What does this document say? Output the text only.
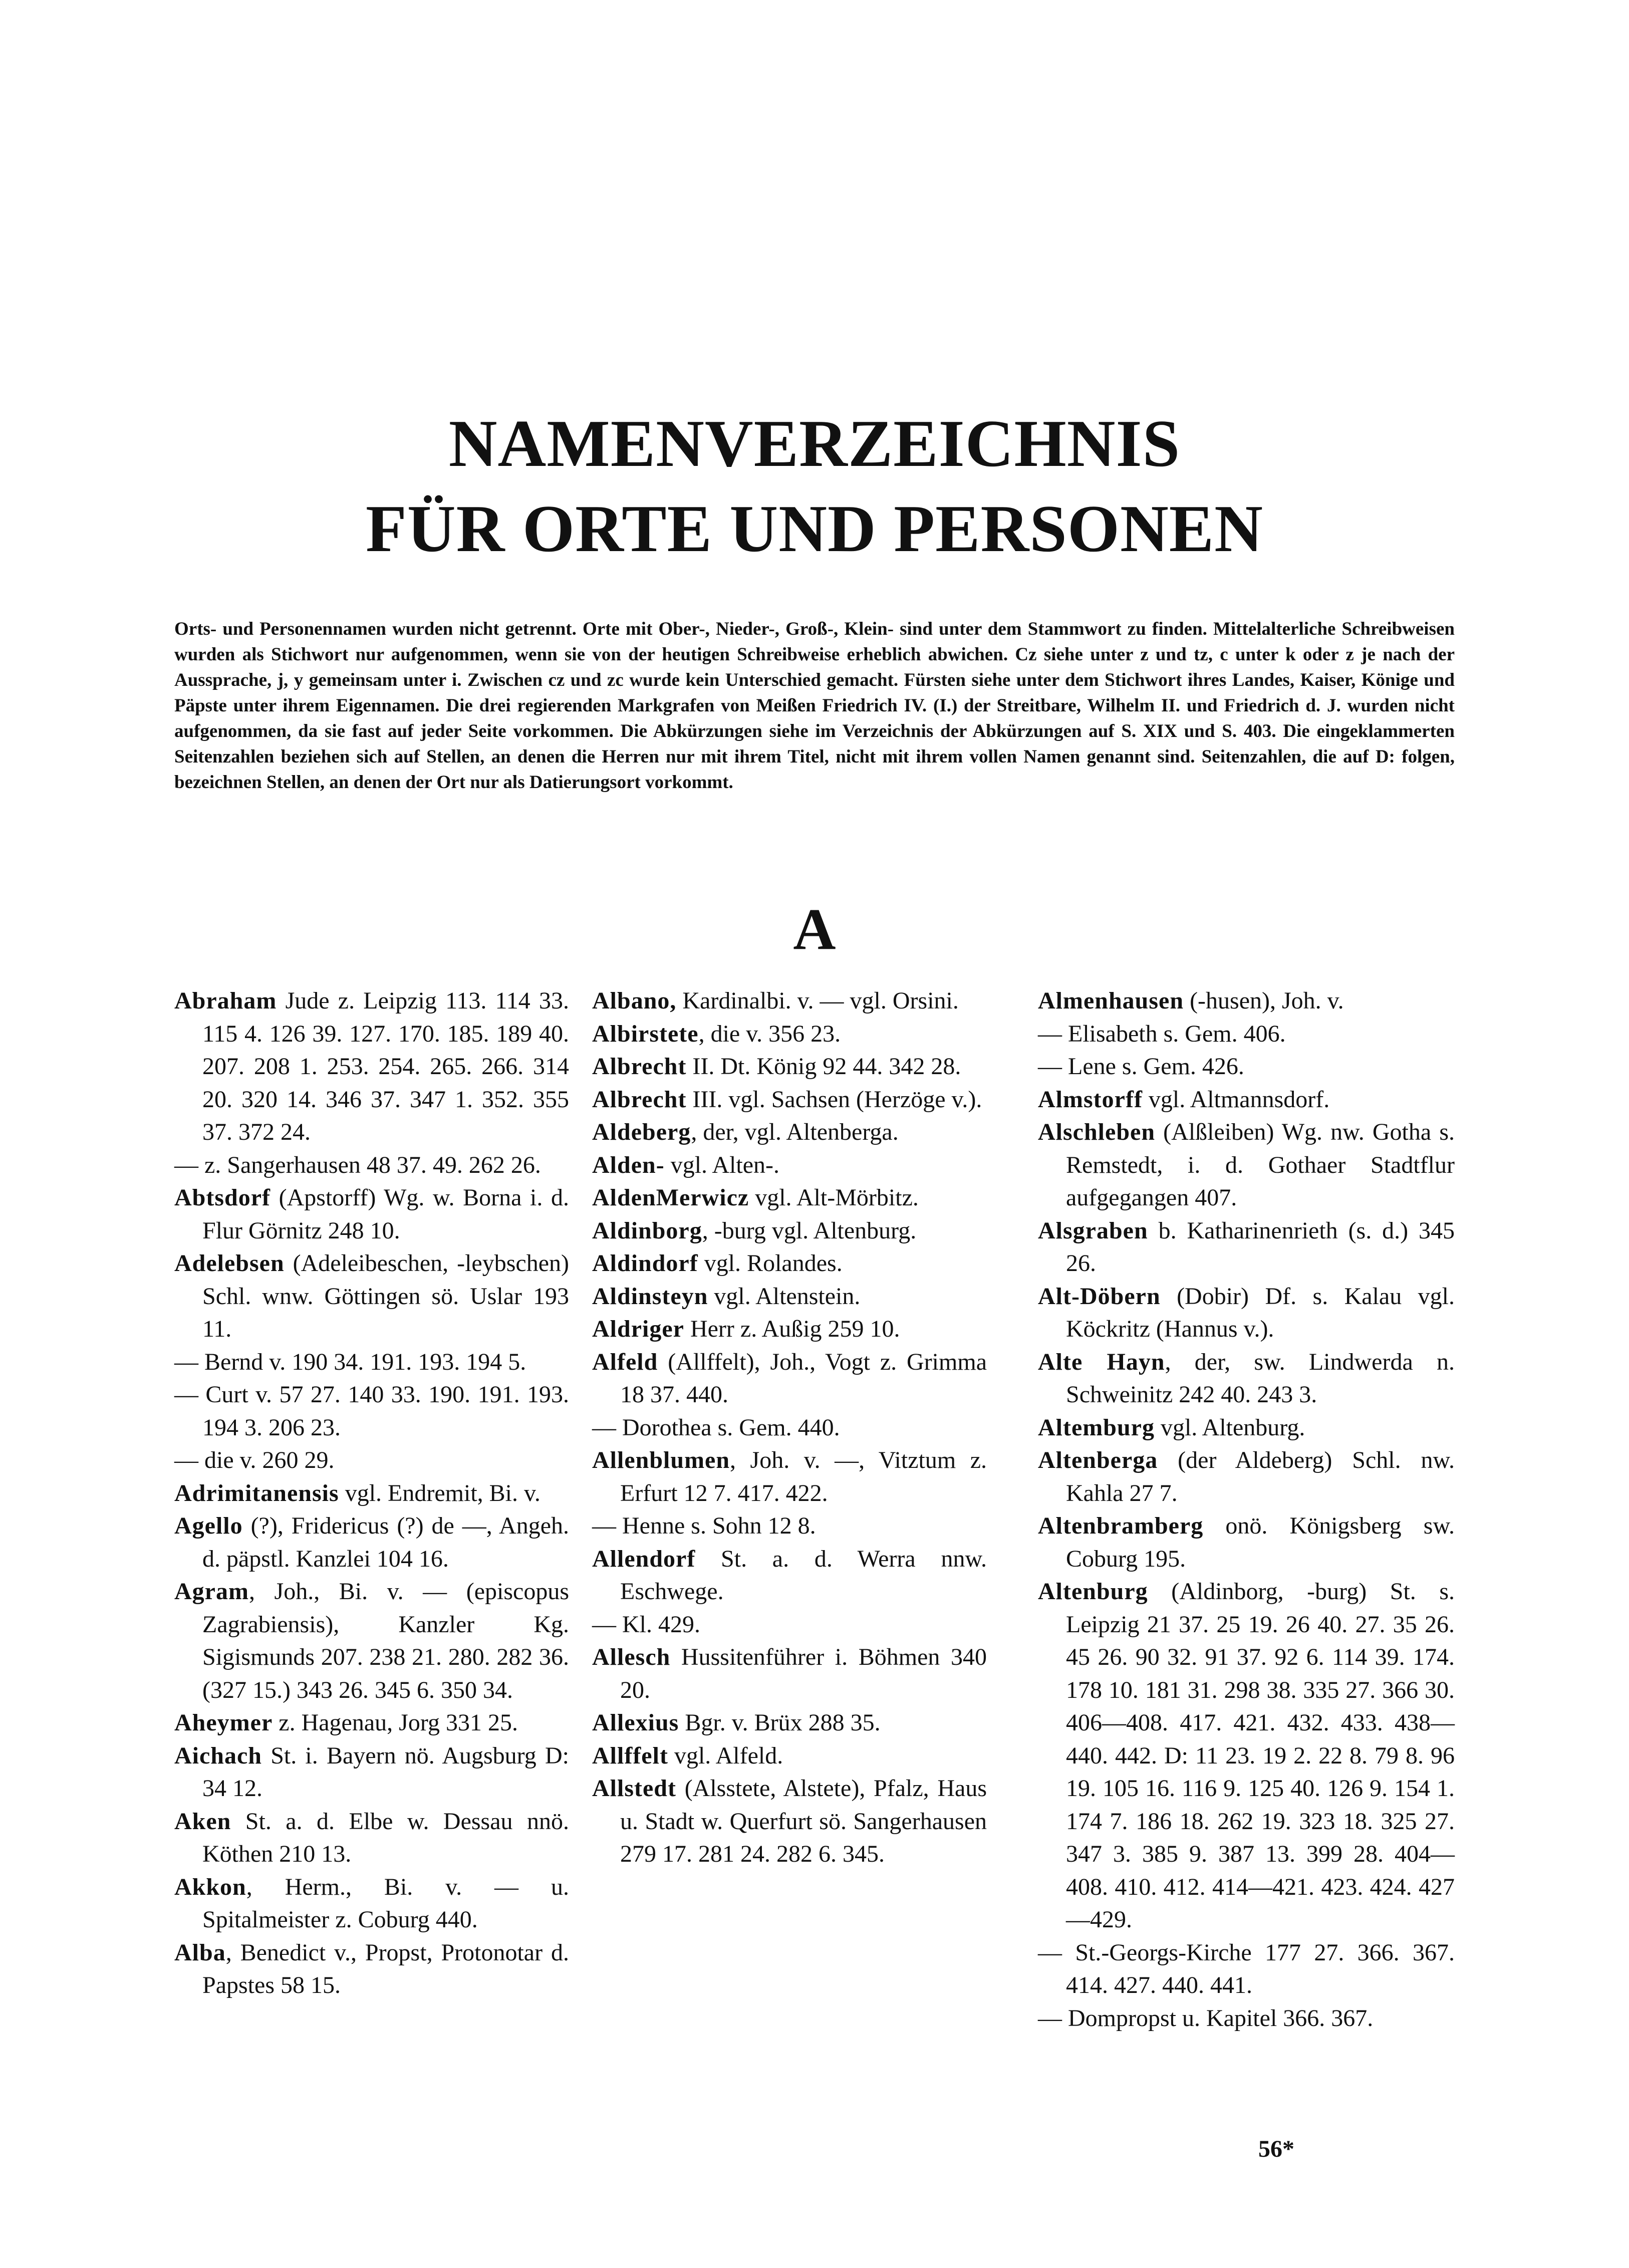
NAMENVERZEICHNIS
FÜR ORTE UND PERSONEN

Orts- und Personennamen wurden nicht getrennt. Orte mit Ober-, Nieder-, Groß-, Klein- sind unter dem Stammwort zu finden. Mittelalterliche Schreibweisen wurden als Stichwort nur aufgenommen, wenn sie von der heutigen Schreibweise erheblich abwichen. Cz siehe unter z und tz, c unter k oder z je nach der Aussprache, j, y gemeinsam unter i. Zwischen cz und zc wurde kein Unterschied gemacht. Fürsten siehe unter dem Stichwort ihres Landes, Kaiser, Könige und Päpste unter ihrem Eigennamen. Die drei regierenden Markgrafen von Meißen Friedrich IV. (I.) der Streitbare, Wilhelm II. und Friedrich d. J. wurden nicht aufgenommen, da sie fast auf jeder Seite vorkommen. Die Abkürzungen siehe im Verzeichnis der Abkürzungen auf S. XIX und S. 403. Die eingeklammerten Seitenzahlen beziehen sich auf Stellen, an denen die Herren nur mit ihrem Titel, nicht mit ihrem vollen Namen genannt sind. Seitenzahlen, die auf D: folgen, bezeichnen Stellen, an denen der Ort nur als Datierungsort vorkommt.

A

Abraham Jude z. Leipzig 113. 114 33. 115 4. 126 39. 127. 170. 185. 189 40. 207. 208 1. 253. 254. 265. 266. 314 20. 320 14. 346 37. 347 1. 352. 355 37. 372 24.

— z. Sangerhausen 48 37. 49. 262 26.

Abtsdorf (Apstorff) Wg. w. Borna i. d. Flur Görnitz 248 10.

Adelebsen (Adeleibeschen, -leybschen) Schl. wnw. Göttingen sö. Uslar 193 11.

— Bernd v. 190 34. 191. 193. 194 5.

— Curt v. 57 27. 140 33. 190. 191. 193. 194 3. 206 23.

— die v. 260 29.

Adrimitanensis vgl. Endremit, Bi. v.

Agello (?), Fridericus (?) de —, Angeh. d. päpstl. Kanzlei 104 16.

Agram, Joh., Bi. v. — (episcopus Zagrabiensis), Kanzler Kg. Sigismunds 207. 238 21. 280. 282 36. (327 15.) 343 26. 345 6. 350 34.

Aheymer z. Hagenau, Jorg 331 25.

Aichach St. i. Bayern nö. Augsburg D: 34 12.

Aken St. a. d. Elbe w. Dessau nnö. Köthen 210 13.

Akkon, Herm., Bi. v. — u. Spitalmeister z. Coburg 440.

Alba, Benedict v., Propst, Protonotar d. Papstes 58 15.

Albano, Kardinalbi. v. — vgl. Orsini.

Albirstete, die v. 356 23.

Albrecht II. Dt. König 92 44. 342 28.

Albrecht III. vgl. Sachsen (Herzöge v.).

Aldeberg, der, vgl. Altenberga.

Alden- vgl. Alten-.

AldenMerwicz vgl. Alt-Mörbitz.

Aldinborg, -burg vgl. Altenburg.

Aldindorf vgl. Rolandes.

Aldinsteyn vgl. Altenstein.

Aldriger Herr z. Außig 259 10.

Alfeld (Allffelt), Joh., Vogt z. Grimma 18 37. 440.

— Dorothea s. Gem. 440.

Allenblumen, Joh. v. —, Vitztum z. Erfurt 12 7. 417. 422.

— Henne s. Sohn 12 8.

Allendorf St. a. d. Werra nnw. Eschwege.

— Kl. 429.

Allesch Hussitenführer i. Böhmen 340 20.

Allexius Bgr. v. Brüx 288 35.

Allffelt vgl. Alfeld.

Allstedt (Alsstete, Alstete), Pfalz, Haus u. Stadt w. Querfurt sö. Sangerhausen 279 17. 281 24. 282 6. 345.

Almenhausen (-husen), Joh. v.

— Elisabeth s. Gem. 406.

— Lene s. Gem. 426.

Almstorff vgl. Altmannsdorf.

Alschleben (Alßleiben) Wg. nw. Gotha s. Remstedt, i. d. Gothaer Stadtflur aufgegangen 407.

Alsgraben b. Katharinenrieth (s. d.) 345 26.

Alt-Döbern (Dobir) Df. s. Kalau vgl. Köckritz (Hannus v.).

Alte Hayn, der, sw. Lindwerda n. Schweinitz 242 40. 243 3.

Altemburg vgl. Altenburg.

Altenberga (der Aldeberg) Schl. nw. Kahla 27 7.

Altenbramberg onö. Königsberg sw. Coburg 195.

Altenburg (Aldinborg, -burg) St. s. Leipzig 21 37. 25 19. 26 40. 27. 35 26. 45 26. 90 32. 91 37. 92 6. 114 39. 174. 178 10. 181 31. 298 38. 335 27. 366 30. 406—408. 417. 421. 432. 433. 438—440. 442. D: 11 23. 19 2. 22 8. 79 8. 96 19. 105 16. 116 9. 125 40. 126 9. 154 1. 174 7. 186 18. 262 19. 323 18. 325 27. 347 3. 385 9. 387 13. 399 28. 404—408. 410. 412. 414—421. 423. 424. 427—429.

— St.-Georgs-Kirche 177 27. 366. 367. 414. 427. 440. 441.

— Dompropst u. Kapitel 366. 367.

56*
